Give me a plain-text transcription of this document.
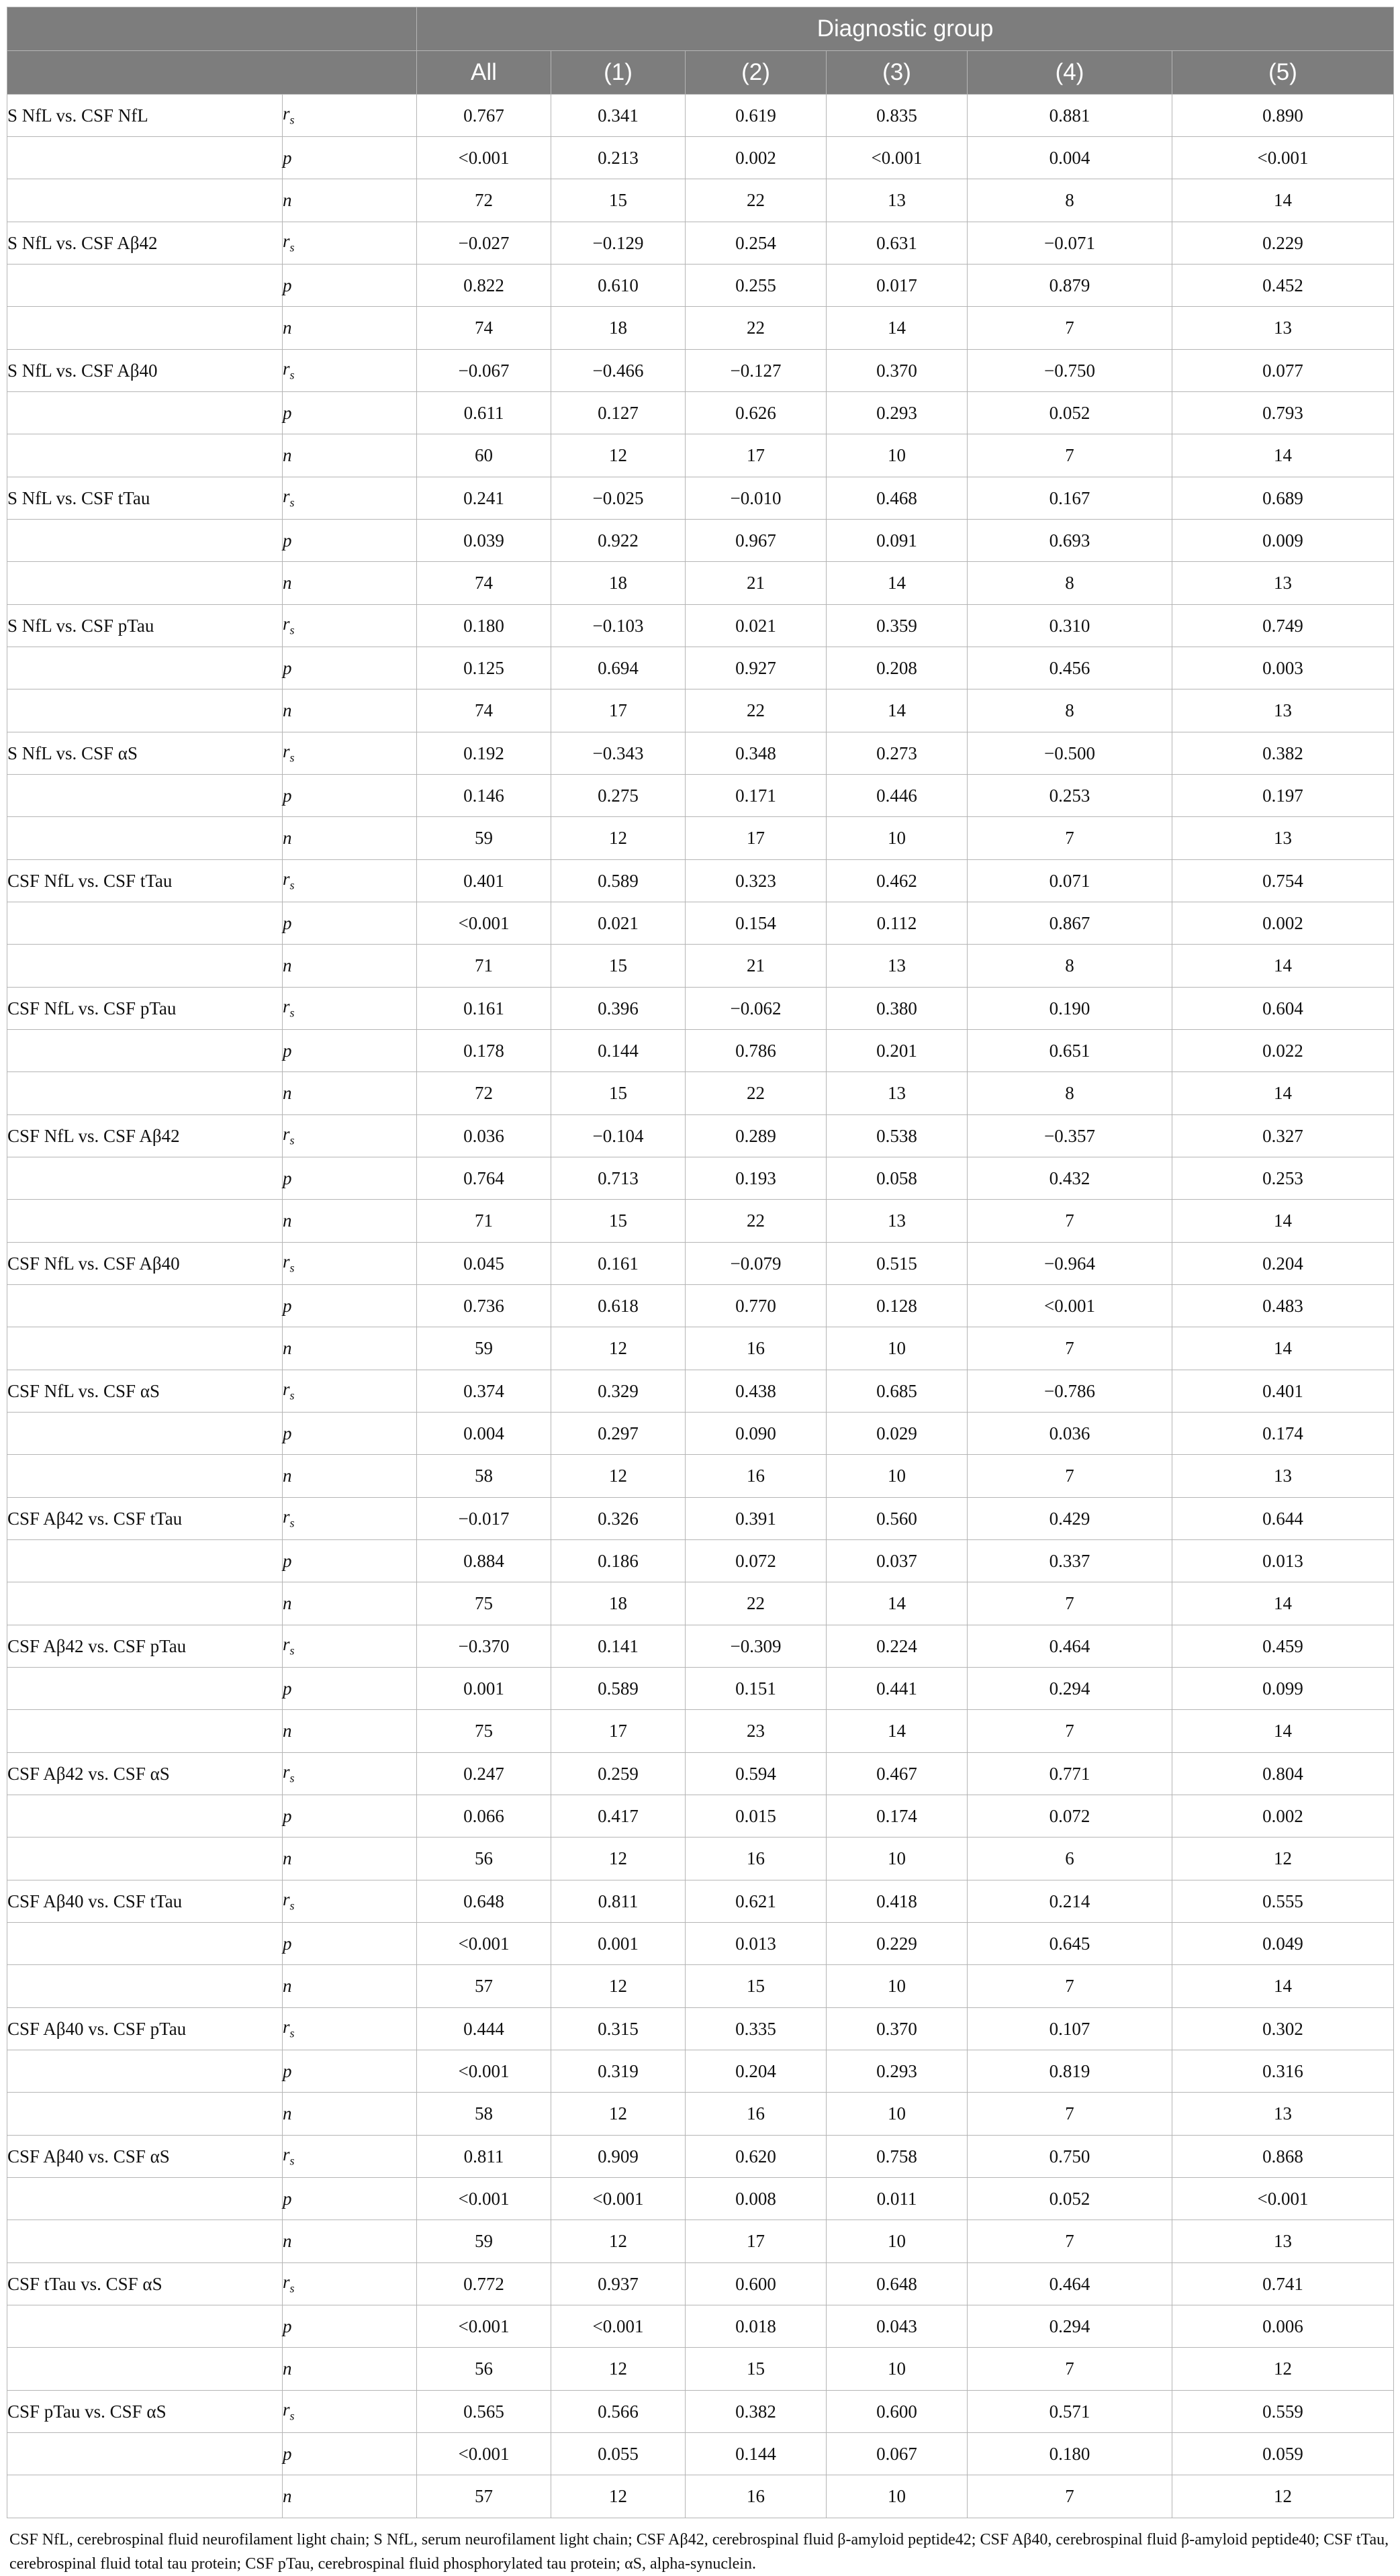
		Diagnostic group					
		All	(1)	(2)	(3)	(4)	(5)
S NfL vs. CSF NfL	$r_s$	0.767	0.341	0.619	0.835	0.881	0.890
	p	<0.001	0.213	0.002	<0.001	0.004	<0.001
	n	72	15	22	13	8	14
S NfL vs. CSF Aβ42	$r_s$	−0.027	−0.129	0.254	0.631	−0.071	0.229
	p	0.822	0.610	0.255	0.017	0.879	0.452
	n	74	18	22	14	7	13
S NfL vs. CSF Aβ40	$r_s$	−0.067	−0.466	−0.127	0.370	−0.750	0.077
	p	0.611	0.127	0.626	0.293	0.052	0.793
	n	60	12	17	10	7	14
S NfL vs. CSF tTau	$r_s$	0.241	−0.025	−0.010	0.468	0.167	0.689
	p	0.039	0.922	0.967	0.091	0.693	0.009
	n	74	18	21	14	8	13
S NfL vs. CSF pTau	$r_s$	0.180	−0.103	0.021	0.359	0.310	0.749
	p	0.125	0.694	0.927	0.208	0.456	0.003
	n	74	17	22	14	8	13
S NfL vs. CSF αS	$r_s$	0.192	−0.343	0.348	0.273	−0.500	0.382
	p	0.146	0.275	0.171	0.446	0.253	0.197
	n	59	12	17	10	7	13
CSF NfL vs. CSF tTau	$r_s$	0.401	0.589	0.323	0.462	0.071	0.754
	p	<0.001	0.021	0.154	0.112	0.867	0.002
	n	71	15	21	13	8	14
CSF NfL vs. CSF pTau	$r_s$	0.161	0.396	−0.062	0.380	0.190	0.604
	p	0.178	0.144	0.786	0.201	0.651	0.022
	n	72	15	22	13	8	14
CSF NfL vs. CSF Aβ42	$r_s$	0.036	−0.104	0.289	0.538	−0.357	0.327
	p	0.764	0.713	0.193	0.058	0.432	0.253
	n	71	15	22	13	7	14
CSF NfL vs. CSF Aβ40	$r_s$	0.045	0.161	−0.079	0.515	−0.964	0.204
	p	0.736	0.618	0.770	0.128	<0.001	0.483
	n	59	12	16	10	7	14
CSF NfL vs. CSF αS	$r_s$	0.374	0.329	0.438	0.685	−0.786	0.401
	p	0.004	0.297	0.090	0.029	0.036	0.174
	n	58	12	16	10	7	13
CSF Aβ42 vs. CSF tTau	$r_s$	−0.017	0.326	0.391	0.560	0.429	0.644
	p	0.884	0.186	0.072	0.037	0.337	0.013
	n	75	18	22	14	7	14
CSF Aβ42 vs. CSF pTau	$r_s$	−0.370	0.141	−0.309	0.224	0.464	0.459
	p	0.001	0.589	0.151	0.441	0.294	0.099
	n	75	17	23	14	7	14
CSF Aβ42 vs. CSF αS	$r_s$	0.247	0.259	0.594	0.467	0.771	0.804
	p	0.066	0.417	0.015	0.174	0.072	0.002
	n	56	12	16	10	6	12
CSF Aβ40 vs. CSF tTau	$r_s$	0.648	0.811	0.621	0.418	0.214	0.555
	p	<0.001	0.001	0.013	0.229	0.645	0.049
	n	57	12	15	10	7	14
CSF Aβ40 vs. CSF pTau	$r_s$	0.444	0.315	0.335	0.370	0.107	0.302
	p	<0.001	0.319	0.204	0.293	0.819	0.316
	n	58	12	16	10	7	13
CSF Aβ40 vs. CSF αS	$r_s$	0.811	0.909	0.620	0.758	0.750	0.868
	p	<0.001	<0.001	0.008	0.011	0.052	<0.001
	n	59	12	17	10	7	13
CSF tTau vs. CSF αS	$r_s$	0.772	0.937	0.600	0.648	0.464	0.741
	p	<0.001	<0.001	0.018	0.043	0.294	0.006
	n	56	12	15	10	7	12
CSF pTau vs. CSF αS	$r_s$	0.565	0.566	0.382	0.600	0.571	0.559
	p	<0.001	0.055	0.144	0.067	0.180	0.059
	n	57	12	16	10	7	12
CSF NfL, cerebrospinal fluid neurofilament light chain; S NfL, serum neurofilament light chain; CSF Aβ42, cerebrospinal fluid β-amyloid peptide42; CSF Aβ40, cerebrospinal fluid β-amyloid peptide40; CSF tTau, cerebrospinal fluid total tau protein; CSF pTau, cerebrospinal fluid phosphorylated tau protein; αS, alpha-synuclein.
